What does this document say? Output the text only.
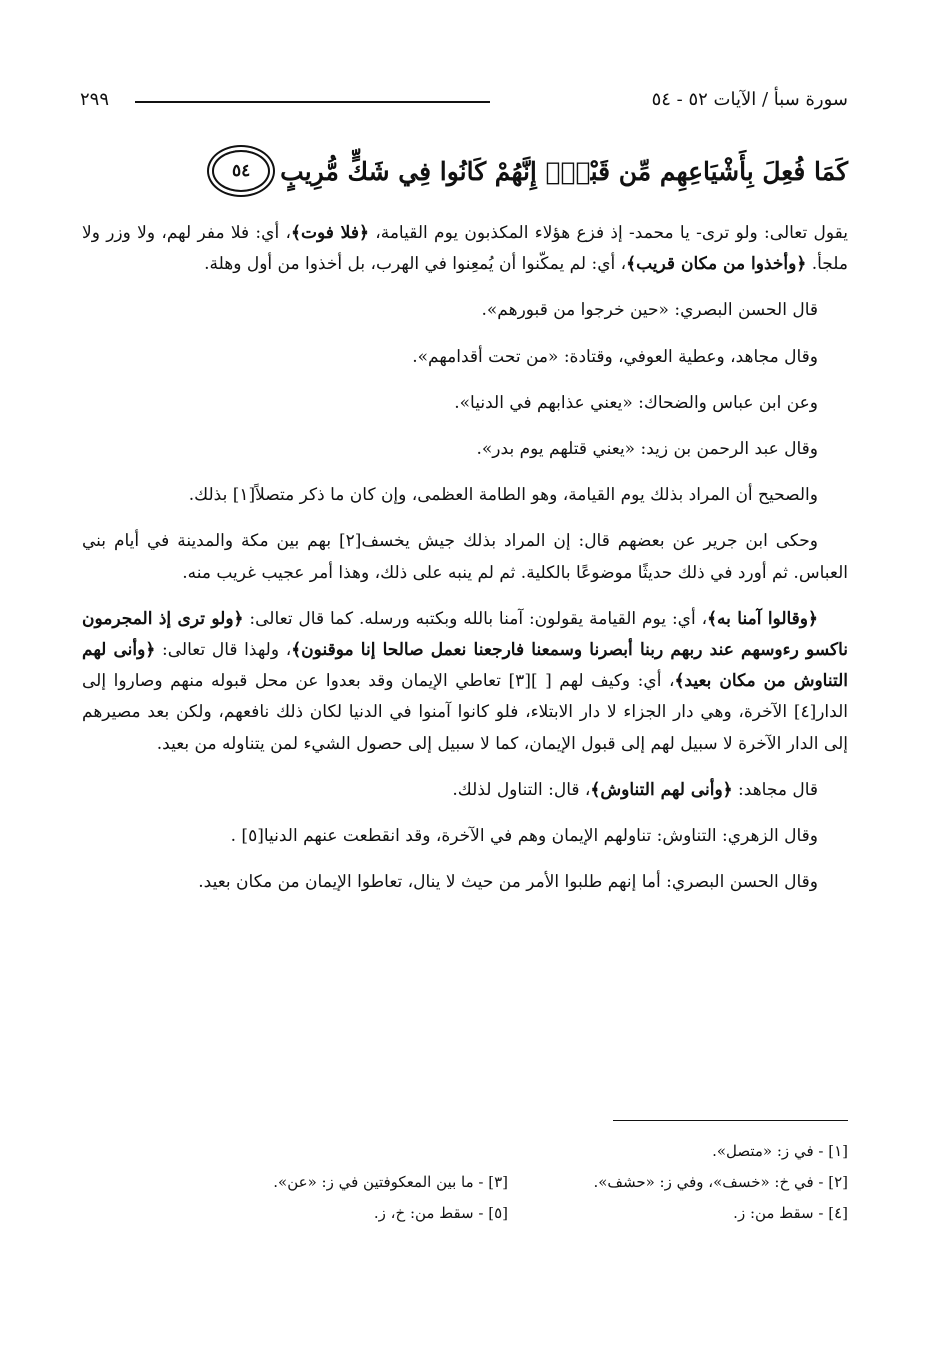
سورة سبأ / الآيات ٥٢ - ٥٤
٢٩٩
كَمَا فُعِلَ بِأَشْيَاعِهِم مِّن قَبْلُۚ إِنَّهُمْ كَانُوا فِي شَكٍّ مُّرِيبٍ
٥٤

يقول تعالى: ولو ترى- يا محمد- إذ فزع هؤلاء المكذبون يوم القيامة، ﴿فلا فوت﴾، أي: فلا مفر لهم، ولا وزر ولا ملجأ. ﴿وأخذوا من مكان قريب﴾، أي: لم يمكّنوا أن يُمعِنوا في الهرب، بل أخذوا من أول وهلة.

قال الحسن البصري: «حين خرجوا من قبورهم».

وقال مجاهد، وعطية العوفي، وقتادة: «من تحت أقدامهم».

وعن ابن عباس والضحاك: «يعني عذابهم في الدنيا».

وقال عبد الرحمن بن زيد: «يعني قتلهم يوم بدر».

والصحيح أن المراد بذلك يوم القيامة، وهو الطامة العظمى، وإن كان ما ذكر متصلاً[١] بذلك.

وحكى ابن جرير عن بعضهم قال: إن المراد بذلك جيش يخسف[٢] بهم بين مكة والمدينة في أيام بني العباس. ثم أورد في ذلك حديثًا موضوعًا بالكلية. ثم لم ينبه على ذلك، وهذا أمر عجيب غريب منه.

﴿وقالوا آمنا به﴾، أي: يوم القيامة يقولون: آمنا بالله وبكتبه ورسله. كما قال تعالى: ﴿ولو ترى إذ المجرمون ناكسو رءوسهم عند ربهم ربنا أبصرنا وسمعنا فارجعنا نعمل صالحا إنا موقنون﴾، ولهذا قال تعالى: ﴿وأنى لهم التناوش من مكان بعيد﴾، أي: وكيف لهم [ ][٣] تعاطي الإيمان وقد بعدوا عن محل قبوله منهم وصاروا إلى الدار[٤] الآخرة، وهي دار الجزاء لا دار الابتلاء، فلو كانوا آمنوا في الدنيا لكان ذلك نافعهم، ولكن بعد مصيرهم إلى الدار الآخرة لا سبيل لهم إلى قبول الإيمان، كما لا سبيل إلى حصول الشيء لمن يتناوله من بعيد.

قال مجاهد: ﴿وأنى لهم التناوش﴾، قال: التناول لذلك.

وقال الزهري: التناوش: تناولهم الإيمان وهم في الآخرة، وقد انقطعت عنهم الدنيا[٥] .

وقال الحسن البصري: أما إنهم طلبوا الأمر من حيث لا ينال، تعاطوا الإيمان من مكان بعيد.

[١] - في ز: «متصل».
[٢] - في خ: «خسف»، وفي ز: «حشف».
[٣] - ما بين المعكوفتين في ز: «عن».
[٤] - سقط من: ز.
[٥] - سقط من: خ، ز.
